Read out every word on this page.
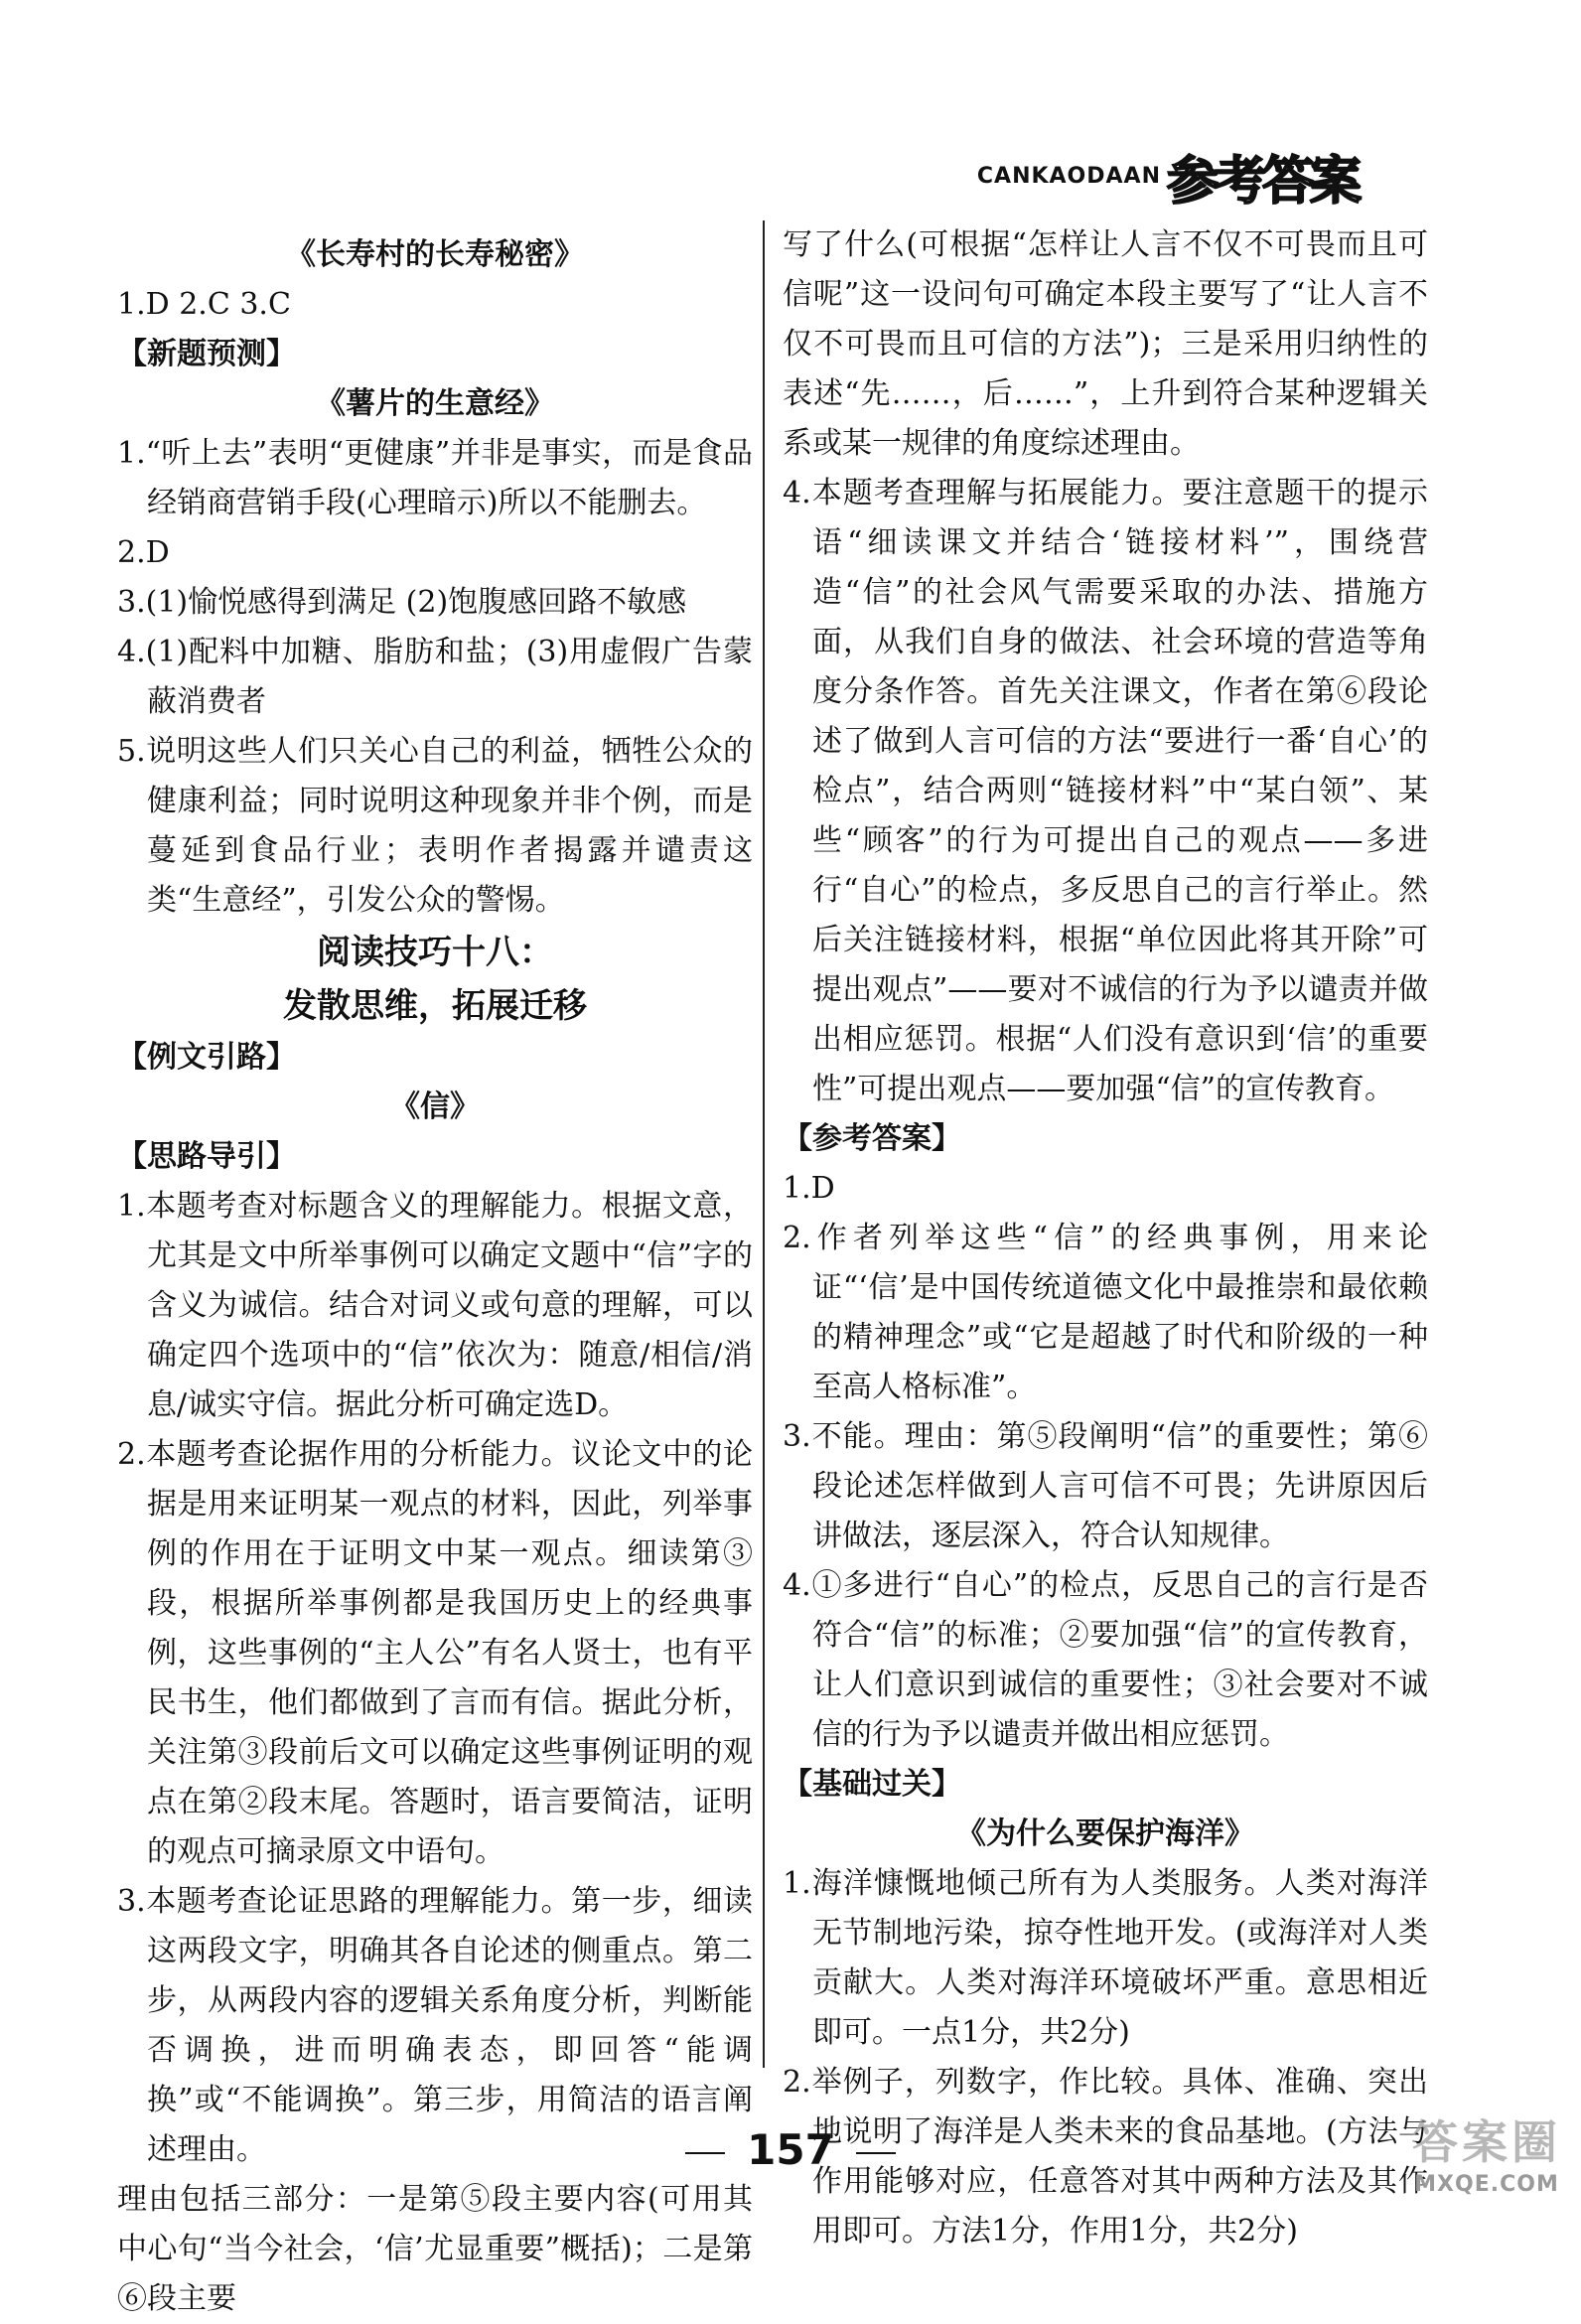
CANKAODAAN 参考答案
《长寿村的长寿秘密》
1.D 2.C 3.C
【新题预测】
《薯片的生意经》
1.“听上去”表明“更健康”并非是事实，而是食品经销商营销手段(心理暗示)所以不能删去。
2.D
3.(1)愉悦感得到满足 (2)饱腹感回路不敏感
4.(1)配料中加糖、脂肪和盐；(3)用虚假广告蒙蔽消费者
5.说明这些人们只关心自己的利益，牺牲公众的健康利益；同时说明这种现象并非个例，而是蔓延到食品行业；表明作者揭露并谴责这类“生意经”，引发公众的警惕。
阅读技巧十八：
发散思维，拓展迁移
【例文引路】
《信》
【思路导引】
1.本题考查对标题含义的理解能力。根据文意，尤其是文中所举事例可以确定文题中“信”字的含义为诚信。结合对词义或句意的理解，可以确定四个选项中的“信”依次为：随意/相信/消息/诚实守信。据此分析可确定选D。
2.本题考查论据作用的分析能力。议论文中的论据是用来证明某一观点的材料，因此，列举事例的作用在于证明文中某一观点。细读第③段，根据所举事例都是我国历史上的经典事例，这些事例的“主人公”有名人贤士，也有平民书生，他们都做到了言而有信。据此分析，关注第③段前后文可以确定这些事例证明的观点在第②段末尾。答题时，语言要简洁，证明的观点可摘录原文中语句。
3.本题考查论证思路的理解能力。第一步，细读这两段文字，明确其各自论述的侧重点。第二步，从两段内容的逻辑关系角度分析，判断能否调换，进而明确表态，即回答“能调换”或“不能调换”。第三步，用简洁的语言阐述理由。
理由包括三部分：一是第⑤段主要内容(可用其中心句“当今社会，‘信’尤显重要”概括)；二是第⑥段主要
写了什么(可根据“怎样让人言不仅不可畏而且可信呢”这一设问句可确定本段主要写了“让人言不仅不可畏而且可信的方法”)；三是采用归纳性的表述“先……，后……”，上升到符合某种逻辑关系或某一规律的角度综述理由。
4.本题考查理解与拓展能力。要注意题干的提示语“细读课文并结合‘链接材料’”，围绕营造“信”的社会风气需要采取的办法、措施方面，从我们自身的做法、社会环境的营造等角度分条作答。首先关注课文，作者在第⑥段论述了做到人言可信的方法“要进行一番‘自心’的检点”，结合两则“链接材料”中“某白领”、某些“顾客”的行为可提出自己的观点——多进行“自心”的检点，多反思自己的言行举止。然后关注链接材料，根据“单位因此将其开除”可提出观点”——要对不诚信的行为予以谴责并做出相应惩罚。根据“人们没有意识到‘信’的重要性”可提出观点——要加强“信”的宣传教育。
【参考答案】
1.D
2.作者列举这些“信”的经典事例，用来论证“‘信’是中国传统道德文化中最推崇和最依赖的精神理念”或“它是超越了时代和阶级的一种至高人格标准”。
3.不能。理由：第⑤段阐明“信”的重要性；第⑥段论述怎样做到人言可信不可畏；先讲原因后讲做法，逐层深入，符合认知规律。
4.①多进行“自心”的检点，反思自己的言行是否符合“信”的标准；②要加强“信”的宣传教育，让人们意识到诚信的重要性；③社会要对不诚信的行为予以谴责并做出相应惩罚。
【基础过关】
《为什么要保护海洋》
1.海洋慷慨地倾己所有为人类服务。人类对海洋无节制地污染，掠夺性地开发。(或海洋对人类贡献大。人类对海洋环境破坏严重。意思相近即可。一点1分，共2分)
2.举例子，列数字，作比较。具体、准确、突出地说明了海洋是人类未来的食品基地。(方法与作用能够对应，任意答对其中两种方法及其作用即可。方法1分，作用1分，共2分)
157	答案圈
MXQE.COM
